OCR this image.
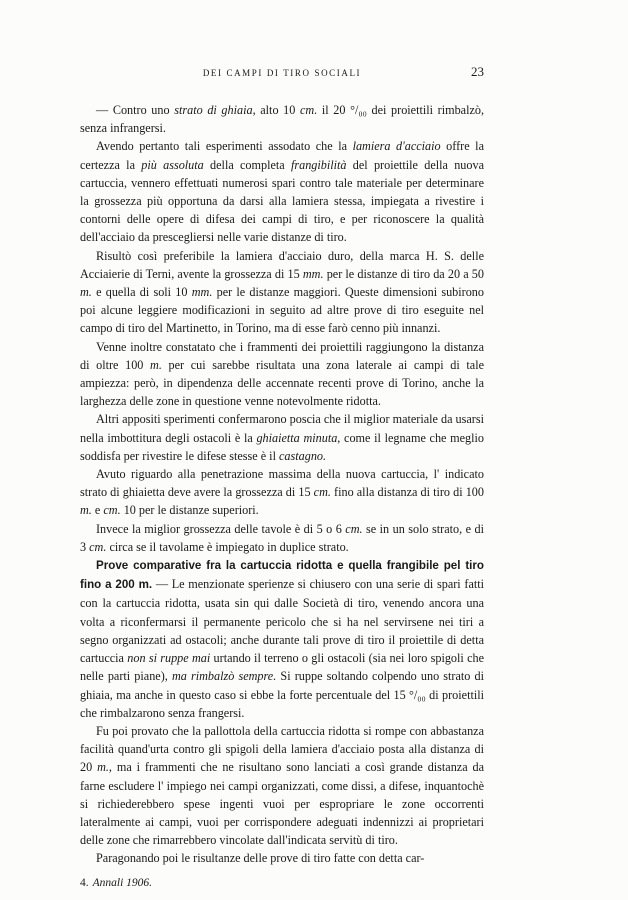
DEI CAMPI DI TIRO SOCIALI	23

— Contro uno strato di ghiaia, alto 10 cm. il 20 °/₀₀ dei proiettili rimbalzò, senza infrangersi.

Avendo pertanto tali esperimenti assodato che la lamiera d'acciaio offre la certezza la più assoluta della completa frangibilità del proiettile della nuova cartuccia, vennero effettuati numerosi spari contro tale materiale per determinare la grossezza più opportuna da darsi alla lamiera stessa, impiegata a rivestire i contorni delle opere di difesa dei campi di tiro, e per riconoscere la qualità dell'acciaio da prescegliersi nelle varie distanze di tiro.

Risultò così preferibile la lamiera d'acciaio duro, della marca H. S. delle Acciaierie di Terni, avente la grossezza di 15 mm. per le distanze di tiro da 20 a 50 m. e quella di soli 10 mm. per le distanze maggiori. Queste dimensioni subirono poi alcune leggiere modificazioni in seguito ad altre prove di tiro eseguite nel campo di tiro del Martinetto, in Torino, ma di esse farò cenno più innanzi.

Venne inoltre constatato che i frammenti dei proiettili raggiungono la distanza di oltre 100 m. per cui sarebbe risultata una zona laterale ai campi di tale ampiezza: però, in dipendenza delle accennate recenti prove di Torino, anche la larghezza delle zone in questione venne notevolmente ridotta.

Altri appositi sperimenti confermarono poscia che il miglior materiale da usarsi nella imbottitura degli ostacoli è la ghiaietta minuta, come il legname che meglio soddisfa per rivestire le difese stesse è il castagno.

Avuto riguardo alla penetrazione massima della nuova cartuccia, l' indicato strato di ghiaietta deve avere la grossezza di 15 cm. fino alla distanza di tiro di 100 m. e cm. 10 per le distanze superiori.

Invece la miglior grossezza delle tavole è di 5 o 6 cm. se in un solo strato, e di 3 cm. circa se il tavolame è impiegato in duplice strato.

Prove comparative fra la cartuccia ridotta e quella frangibile pel tiro fino a 200 m. — Le menzionate sperienze si chiusero con una serie di spari fatti con la cartuccia ridotta, usata sin qui dalle Società di tiro, venendo ancora una volta a riconfermarsi il permanente pericolo che si ha nel servirsene nei tiri a segno organizzati ad ostacoli; anche durante tali prove di tiro il proiettile di detta cartuccia non si ruppe mai urtando il terreno o gli ostacoli (sia nei loro spigoli che nelle parti piane), ma rimbalzò sempre. Si ruppe soltando colpendo uno strato di ghiaia, ma anche in questo caso si ebbe la forte percentuale del 15 °/₀₀ di proiettili che rimbalzarono senza frangersi.

Fu poi provato che la pallottola della cartuccia ridotta si rompe con abbastanza facilità quand'urta contro gli spigoli della lamiera d'acciaio posta alla distanza di 20 m., ma i frammenti che ne risultano sono lanciati a così grande distanza da farne escludere l' impiego nei campi organizzati, come dissi, a difese, inquantochè si richiederebbero spese ingenti vuoi per espropriare le zone occorrenti lateralmente ai campi, vuoi per corrispondere adeguati indennizzi ai proprietari delle zone che rimarrebbero vincolate dall'indicata servitù di tiro.

Paragonando poi le risultanze delle prove di tiro fatte con detta car-

4. Annali 1906.
